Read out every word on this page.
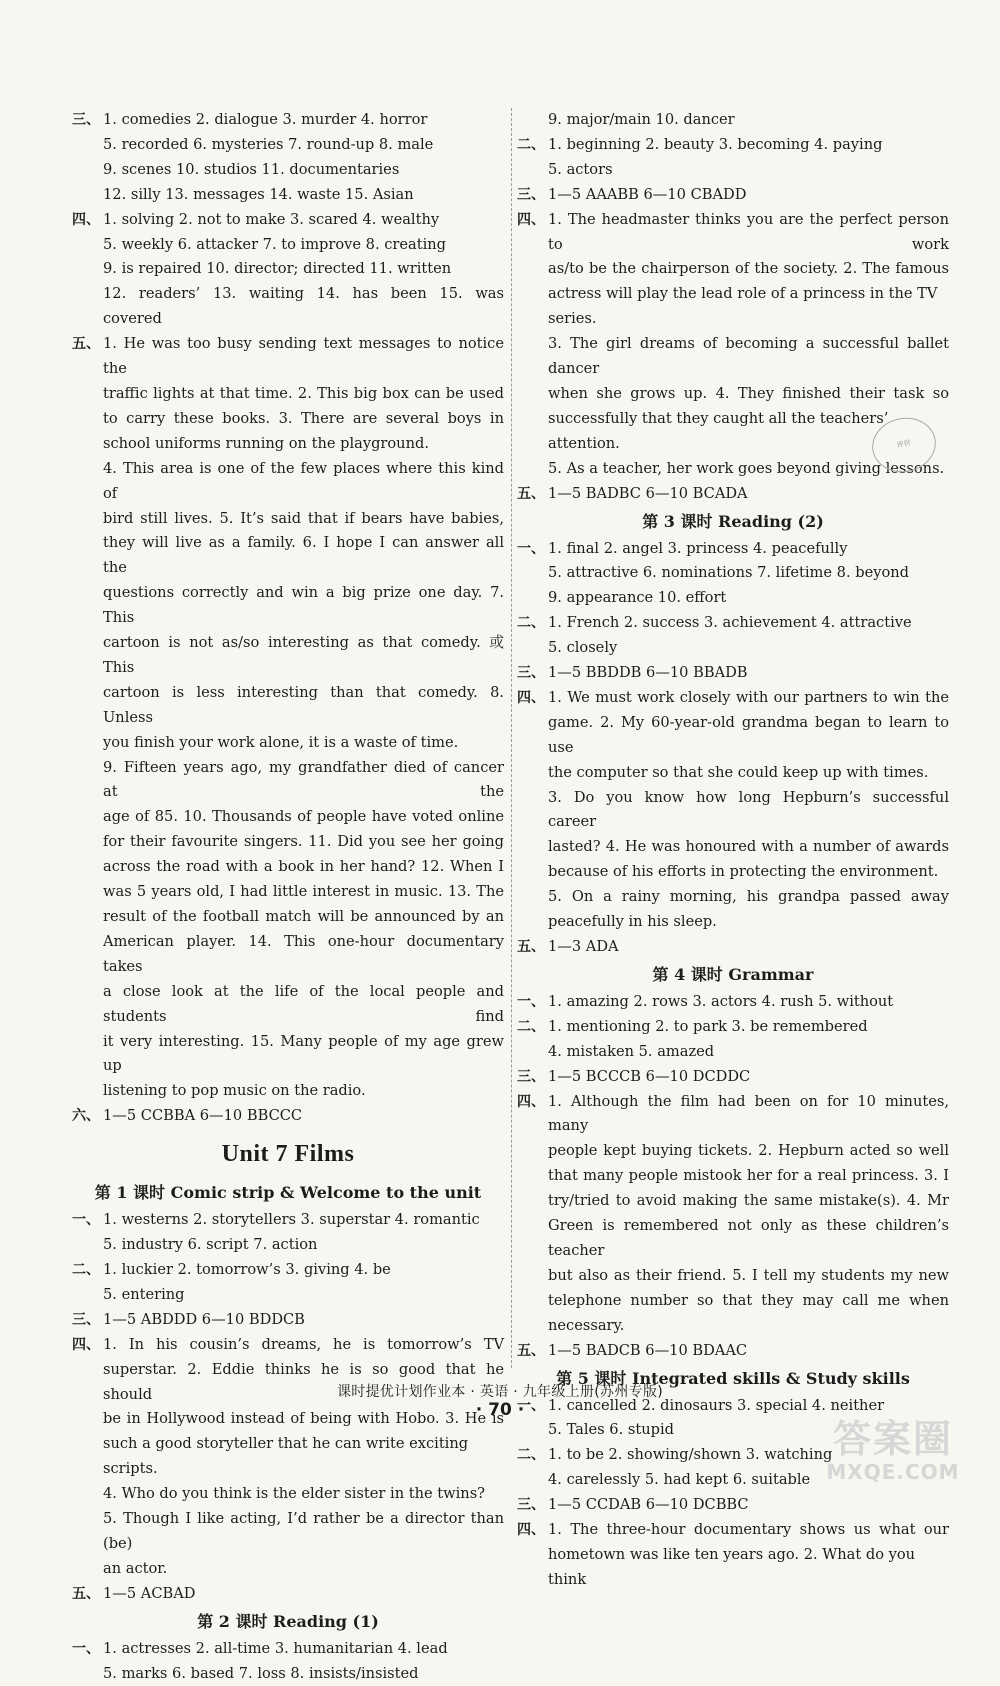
三、 1. comedies 2. dialogue 3. murder 4. horror
5. recorded 6. mysteries 7. round-up 8. male
9. scenes 10. studios 11. documentaries
12. silly 13. messages 14. waste 15. Asian
四、 1. solving 2. not to make 3. scared 4. wealthy
5. weekly 6. attacker 7. to improve 8. creating
9. is repaired 10. director; directed 11. written
12. readers’ 13. waiting 14. has been 15. was
covered
五、 1. He was too busy sending text messages to notice the
traffic lights at that time. 2. This big box can be used
to carry these books. 3. There are several boys in
school uniforms running on the playground.
4. This area is one of the few places where this kind of
bird still lives. 5. It’s said that if bears have babies,
they will live as a family. 6. I hope I can answer all the
questions correctly and win a big prize one day. 7. This
cartoon is not as/so interesting as that comedy. 或 This
cartoon is less interesting than that comedy. 8. Unless
you finish your work alone, it is a waste of time.
9. Fifteen years ago, my grandfather died of cancer at the
age of 85. 10. Thousands of people have voted online
for their favourite singers. 11. Did you see her going
across the road with a book in her hand? 12. When I
was 5 years old, I had little interest in music. 13. The
result of the football match will be announced by an
American player. 14. This one-hour documentary takes
a close look at the life of the local people and students find
it very interesting. 15. Many people of my age grew up
listening to pop music on the radio.
六、 1—5 CCBBA 6—10 BBCCC
Unit 7 Films
第 1 课时 Comic strip & Welcome to the unit
一、 1. westerns 2. storytellers 3. superstar 4. romantic
5. industry 6. script 7. action
二、 1. luckier 2. tomorrow’s 3. giving 4. be
5. entering
三、 1—5 ABDDD 6—10 BDDCB
四、 1. In his cousin’s dreams, he is tomorrow’s TV
superstar. 2. Eddie thinks he is so good that he should
be in Hollywood instead of being with Hobo. 3. He is
such a good storyteller that he can write exciting scripts.
4. Who do you think is the elder sister in the twins?
5. Though I like acting, I’d rather be a director than (be)
an actor.
五、 1—5 ACBAD
第 2 课时 Reading (1)
一、 1. actresses 2. all-time 3. humanitarian 4. lead
5. marks 6. based 7. loss 8. insists/insisted
9. major/main 10. dancer
二、 1. beginning 2. beauty 3. becoming 4. paying
5. actors
三、 1—5 AAABB 6—10 CBADD
四、 1. The headmaster thinks you are the perfect person to work
as/to be the chairperson of the society. 2. The famous
actress will play the lead role of a princess in the TV series.
3. The girl dreams of becoming a successful ballet dancer
when she grows up. 4. They finished their task so
successfully that they caught all the teachers’ attention.
5. As a teacher, her work goes beyond giving lessons.
五、 1—5 BADBC 6—10 BCADA
第 3 课时 Reading (2)
一、 1. final 2. angel 3. princess 4. peacefully
5. attractive 6. nominations 7. lifetime 8. beyond
9. appearance 10. effort
二、 1. French 2. success 3. achievement 4. attractive
5. closely
三、 1—5 BBDDB 6—10 BBADB
四、 1. We must work closely with our partners to win the
game. 2. My 60-year-old grandma began to learn to use
the computer so that she could keep up with times.
3. Do you know how long Hepburn’s successful career
lasted? 4. He was honoured with a number of awards
because of his efforts in protecting the environment.
5. On a rainy morning, his grandpa passed away
peacefully in his sleep.
五、 1—3 ADA
第 4 课时 Grammar
一、 1. amazing 2. rows 3. actors 4. rush 5. without
二、 1. mentioning 2. to park 3. be remembered
4. mistaken 5. amazed
三、 1—5 BCCCB 6—10 DCDDC
四、 1. Although the film had been on for 10 minutes, many
people kept buying tickets. 2. Hepburn acted so well
that many people mistook her for a real princess. 3. I
try/tried to avoid making the same mistake(s). 4. Mr
Green is remembered not only as these children’s teacher
but also as their friend. 5. I tell my students my new
telephone number so that they may call me when
necessary.
五、 1—5 BADCB 6—10 BDAAC
第 5 课时 Integrated skills & Study skills
一、 1. cancelled 2. dinosaurs 3. special 4. neither
5. Tales 6. stupid
二、 1. to be 2. showing/shown 3. watching
4. carelessly 5. had kept 6. suitable
三、 1—5 CCDAB 6—10 DCBBC
四、 1. The three-hour documentary shows us what our
hometown was like ten years ago. 2. What do you think
评价
课时提优计划作业本 · 英语 · 九年级上册(苏州专版)
· 70 ·
答案圈
MXQE.COM
